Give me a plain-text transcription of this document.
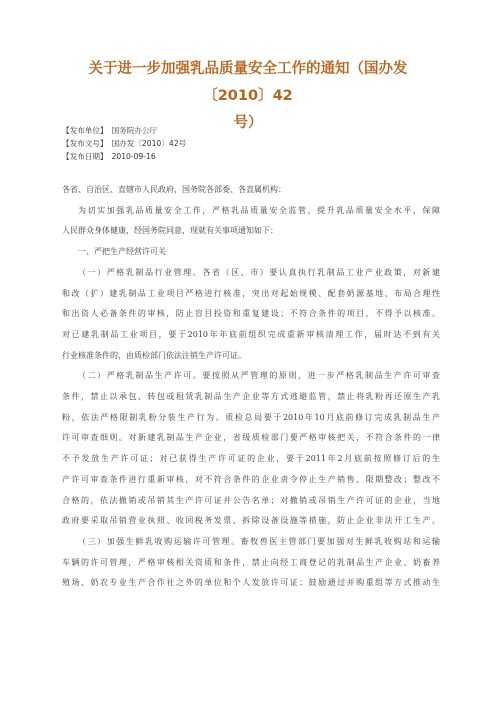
关于进一步加强乳品质量安全工作的通知（国办发〔2010〕42
号）
【发布单位】 国务院办公厅
【发布文号】 国办发〔2010〕42号
【发布日期】 2010-09-16

各省、自治区、直辖市人民政府，国务院各部委、各直属机构：

为切实加强乳品质量安全工作，严格乳品质量安全监管，提升乳品质量安全水平，保障

人民群众身体健康，经国务院同意，现就有关事项通知如下：

一、严把生产经营许可关

（一）严格乳制品行业管理。各省（区、市）要认真执行乳制品工业产业政策，对新建

和改（扩）建乳制品工业项目严格进行核准，突出对起始规模、配套奶源基地、布局合理性

和出资人必备条件的审核，防止盲目投资和重复建设；不符合条件的项目，不得予以核准。

对已建乳制品工业项目，要于2010年年底前组织完成重新审核清理工作，届时达不到有关

行业核准条件的，由质检部门依法注销生产许可证。

（二）严格乳制品生产许可。要按照从严管理的原则，进一步严格乳制品生产许可审查

条件，禁止以承包、转包或租赁乳制品生产企业等方式逃避监管，禁止将乳粉再还原生产乳

粉，依法严格限制乳粉分装生产行为。质检总局要于2010年10月底前修订完成乳制品生产

许可审查细则。对新建乳制品生产企业，省级质检部门要严格审核把关，不符合条件的一律

不予发放生产许可证；对已获得生产许可证的企业，要于2011年2月底前按照修订后的生

产许可审查条件进行重新审核，对不符合条件的企业责令停止生产销售、限期整改；整改不

合格的，依法撤销或吊销其生产许可证并公告名单；对撤销或吊销生产许可证的企业，当地

政府要采取吊销营业执照、收回税务发票、拆除设备设施等措施，防止企业非法开工生产。

（三）加强生鲜乳收购运输许可管理。畜牧兽医主管部门要加强对生鲜乳收购站和运输

车辆的许可管理，严格审核相关资质和条件，禁止向经工商登记的乳制品生产企业、奶畜养

殖场、奶农专业生产合作社之外的单位和个人发放许可证；鼓励通过并购重组等方式推动生
